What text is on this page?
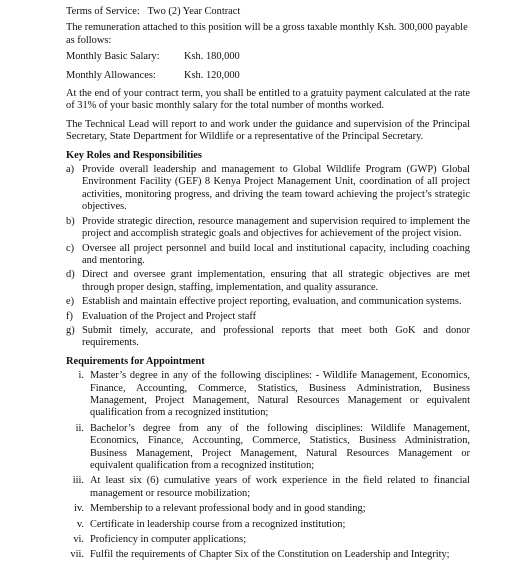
Terms of Service: Two (2) Year Contract

The remuneration attached to this position will be a gross taxable monthly Ksh. 300,000 payable as follows:

Monthly Basic Salary:	Ksh. 180,000
Monthly Allowances:	Ksh. 120,000

At the end of your contract term, you shall be entitled to a gratuity payment calculated at the rate of 31% of your basic monthly salary for the total number of months worked.

The Technical Lead will report to and work under the guidance and supervision of the Principal Secretary, State Department for Wildlife or a representative of the Principal Secretary.

Key Roles and Responsibilities

a) Provide overall leadership and management to Global Wildlife Program (GWP) Global Environment Facility (GEF) 8 Kenya Project Management Unit, coordination of all project activities, monitoring progress, and driving the team toward achieving the project’s strategic objectives.
b) Provide strategic direction, resource management and supervision required to implement the project and accomplish strategic goals and objectives for achievement of the project vision.
c) Oversee all project personnel and build local and institutional capacity, including coaching and mentoring.
d) Direct and oversee grant implementation, ensuring that all strategic objectives are met through proper design, staffing, implementation, and quality assurance.
e) Establish and maintain effective project reporting, evaluation, and communication systems.
f) Evaluation of the Project and Project staff
g) Submit timely, accurate, and professional reports that meet both GoK and donor requirements.

Requirements for Appointment

i. Master’s degree in any of the following disciplines: - Wildlife Management, Economics, Finance, Accounting, Commerce, Statistics, Business Administration, Business Management, Project Management, Natural Resources Management or equivalent qualification from a recognized institution;
ii. Bachelor’s degree from any of the following disciplines: Wildlife Management, Economics, Finance, Accounting, Commerce, Statistics, Business Administration, Business Management, Project Management, Natural Resources Management or equivalent qualification from a recognized institution;
iii. At least six (6) cumulative years of work experience in the field related to financial management or resource mobilization;
iv. Membership to a relevant professional body and in good standing;
v. Certificate in leadership course from a recognized institution;
vi. Proficiency in computer applications;
vii. Fulfil the requirements of Chapter Six of the Constitution on Leadership and Integrity;
